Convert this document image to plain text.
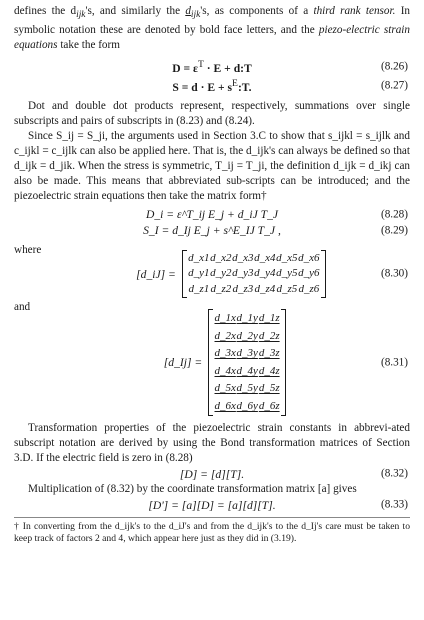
defines the $d_{ijk}'s$, and similarly the $d_{ijk}'s$, as components of a third rank tensor. In symbolic notation these are denoted by bold face letters, and the piezo-electric strain equations take the form

$D = \varepsilon^T \cdot E$ + d:T	(8.26)
$S = d \cdot E + s^E:T$.	(8.27)

Dot and double dot products represent, respectively, summations over single subscripts and pairs of subscripts in (8.23) and (8.24).

Since S_ij = S_ji, the arguments used in Section 3.C to show that s_ijkl = s_ijlk and c_ijkl = c_ijlk can also be applied here. That is, the d_ijk's can always be defined so that d_ijk = d_jik. When the stress is symmetric, T_ij = T_ji, the definition d_ijk = d_ikj can also be made. This means that abbreviated sub-scripts can be introduced; and the piezoelectric strain equations then take the matrix form†

D_i = ε^T_ij E_j + d_iJ T_J	(8.28)
S_I = d_Ij E_j + s^E_IJ T_J ,	(8.29)

where

[d_iJ] =
d_x1 d_x2 d_x3 d_x4 d_x5 d_x6
d_y1 d_y2 d_y3 d_y4 d_y5 d_y6
d_z1 d_z2 d_z3 d_z4 d_z5 d_z6
(8.30)

and

[d_Ij] =
d_1x d_1y d_1z
d_2x d_2y d_2z
d_3x d_3y d_3z
d_4x d_4y d_4z
d_5x d_5y d_5z
d_6x d_6y d_6z
(8.31)

Transformation properties of the piezoelectric strain constants in abbrevi-ated subscript notation are derived by using the Bond transformation matrices of Section 3.D. If the electric field is zero in (8.28)

[D] = [d][T].	(8.32)

Multiplication of (8.32) by the coordinate transformation matrix [a] gives

[D'] = [a][D] = [a][d][T].	(8.33)

† In converting from the d_ijk's to the d_iJ's and from the d_ijk's to the d_Ij's care must be taken to keep track of factors 2 and 4, which appear here just as they did in (3.19).
